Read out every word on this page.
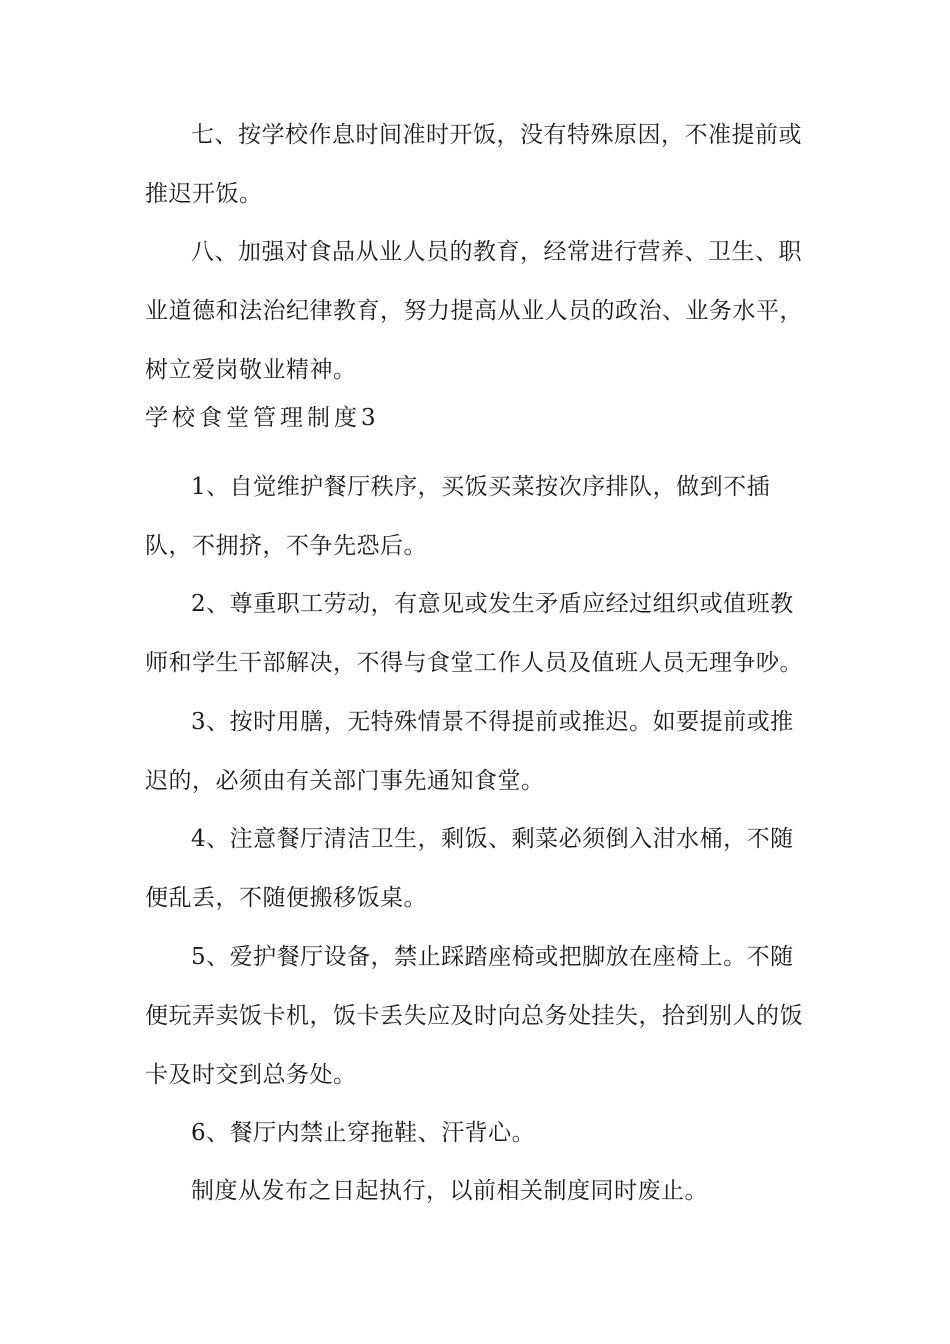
七、按学校作息时间准时开饭，没有特殊原因，不准提前或推迟开饭。

八、加强对食品从业人员的教育，经常进行营养、卫生、职业道德和法治纪律教育，努力提高从业人员的政治、业务水平，树立爱岗敬业精神。

学校食堂管理制度3

1、自觉维护餐厅秩序，买饭买菜按次序排队，做到不插队，不拥挤，不争先恐后。

2、尊重职工劳动，有意见或发生矛盾应经过组织或值班教师和学生干部解决，不得与食堂工作人员及值班人员无理争吵。

3、按时用膳，无特殊情景不得提前或推迟。如要提前或推迟的，必须由有关部门事先通知食堂。

4、注意餐厅清洁卫生，剩饭、剩菜必须倒入泔水桶，不随便乱丢，不随便搬移饭桌。

5、爱护餐厅设备，禁止踩踏座椅或把脚放在座椅上。不随便玩弄卖饭卡机，饭卡丢失应及时向总务处挂失，拾到别人的饭卡及时交到总务处。

6、餐厅内禁止穿拖鞋、汗背心。

制度从发布之日起执行，以前相关制度同时废止。
